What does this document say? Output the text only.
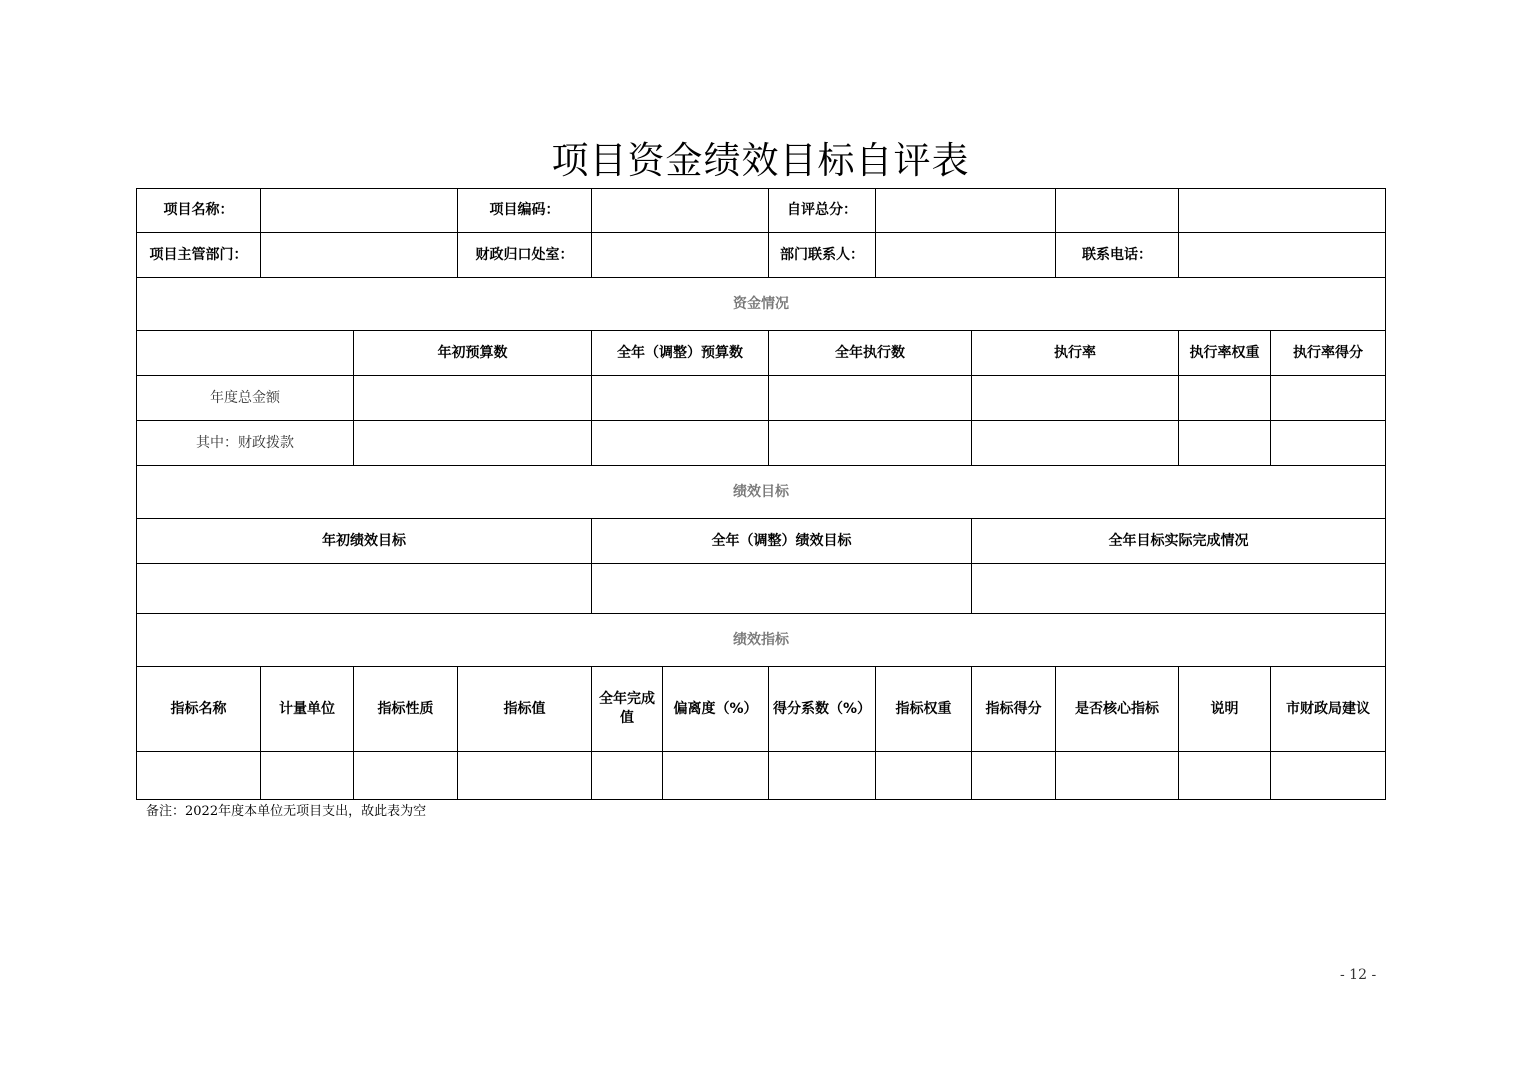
项目资金绩效目标自评表
项目名称：			项目编码：			自评总分：					
项目主管部门：			财政归口处室：			部门联系人：			联系电话：		
资金情况											
		年初预算数		全年（调整）预算数		全年执行数		执行率		执行率权重	执行率得分
年度总金额											
其中：财政拨款											
绩效目标											
年初绩效目标				全年（调整）绩效目标				全年目标实际完成情况			

绩效指标											
指标名称	计量单位	指标性质	指标值	全年完成值	偏离度（%）	得分系数（%）	指标权重	指标得分	是否核心指标	说明	市财政局建议

备注：2022年度本单位无项目支出，故此表为空
- 12 -
